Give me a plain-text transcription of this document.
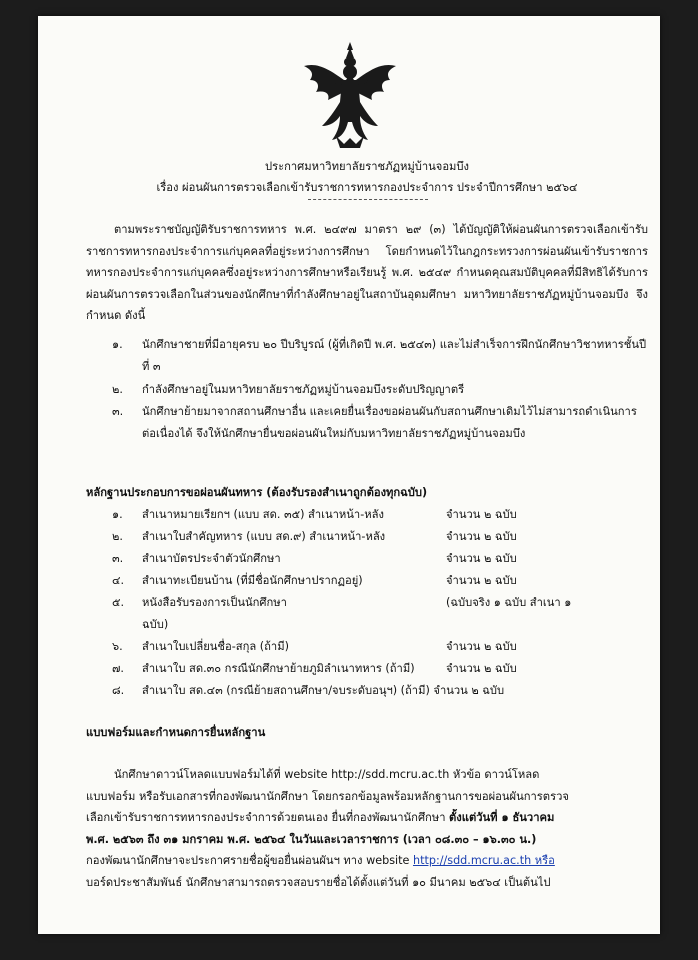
ประกาศมหาวิทยาลัยราชภัฏหมู่บ้านจอมบึง
เรื่อง ผ่อนผันการตรวจเลือกเข้ารับราชการทหารกองประจำการ ประจำปีการศึกษา ๒๕๖๔
ตามพระราชบัญญัติรับราชการทหาร พ.ศ. ๒๔๙๗ มาตรา ๒๙ (๓) ได้บัญญัติให้ผ่อนผันการตรวจเลือกเข้ารับราชการทหารกองประจำการแก่บุคคลที่อยู่ระหว่างการศึกษา โดยกำหนดไว้ในกฎกระทรวงการผ่อนผันเข้ารับราชการทหารกองประจำการแก่บุคคลซึ่งอยู่ระหว่างการศึกษาหรือเรียนรู้ พ.ศ. ๒๕๔๙ กำหนดคุณสมบัติบุคคลที่มีสิทธิได้รับการผ่อนผันการตรวจเลือกในส่วนของนักศึกษาที่กำลังศึกษาอยู่ในสถาบันอุดมศึกษา มหาวิทยาลัยราชภัฏหมู่บ้านจอมบึง จึงกำหนด ดังนี้
๑.	นักศึกษาชายที่มีอายุครบ ๒๐ ปีบริบูรณ์ (ผู้ที่เกิดปี พ.ศ. ๒๕๔๓) และไม่สำเร็จการฝึกนักศึกษาวิชาทหารชั้นปีที่ ๓
๒.	กำลังศึกษาอยู่ในมหาวิทยาลัยราชภัฏหมู่บ้านจอมบึงระดับปริญญาตรี
๓.	นักศึกษาย้ายมาจากสถานศึกษาอื่น และเคยยื่นเรื่องขอผ่อนผันกับสถานศึกษาเดิมไว้ไม่สามารถดำเนินการต่อเนื่องได้ จึงให้นักศึกษายื่นขอผ่อนผันใหม่กับมหาวิทยาลัยราชภัฏหมู่บ้านจอมบึง
หลักฐานประกอบการขอผ่อนผันทหาร (ต้องรับรองสำเนาถูกต้องทุกฉบับ)
๑.	สำเนาหมายเรียกฯ (แบบ สด. ๓๕) สำเนาหน้า-หลัง	จำนวน ๒ ฉบับ
๒.	สำเนาใบสำคัญทหาร (แบบ สด.๙) สำเนาหน้า-หลัง	จำนวน ๒ ฉบับ
๓.	สำเนาบัตรประจำตัวนักศึกษา	จำนวน ๒ ฉบับ
๔.	สำเนาทะเบียนบ้าน (ที่มีชื่อนักศึกษาปรากฏอยู่)	จำนวน ๒ ฉบับ
๕.	หนังสือรับรองการเป็นนักศึกษา	(ฉบับจริง ๑ ฉบับ สำเนา ๑
ฉบับ)
๖.	สำเนาใบเปลี่ยนชื่อ-สกุล (ถ้ามี)	จำนวน ๒ ฉบับ
๗.	สำเนาใบ สด.๓๐ กรณีนักศึกษาย้ายภูมิลำเนาทหาร (ถ้ามี)	จำนวน ๒ ฉบับ
๘.	สำเนาใบ สด.๔๓ (กรณีย้ายสถานศึกษา/จบระดับอนุฯ) (ถ้ามี) จำนวน ๒ ฉบับ
แบบฟอร์มและกำหนดการยื่นหลักฐาน
นักศึกษาดาวน์โหลดแบบฟอร์มได้ที่ website http://sdd.mcru.ac.th หัวข้อ ดาวน์โหลด
แบบฟอร์ม หรือรับเอกสารที่กองพัฒนานักศึกษา โดยกรอกข้อมูลพร้อมหลักฐานการขอผ่อนผันการตรวจ
เลือกเข้ารับราชการทหารกองประจำการด้วยตนเอง ยื่นที่กองพัฒนานักศึกษา ตั้งแต่วันที่ ๑ ธันวาคม
พ.ศ. ๒๕๖๓ ถึง ๓๑ มกราคม พ.ศ. ๒๕๖๔ ในวันและเวลาราชการ (เวลา ๐๘.๓๐ – ๑๖.๓๐ น.)
กองพัฒนานักศึกษาจะประกาศรายชื่อผู้ขอยื่นผ่อนผันฯ ทาง website http://sdd.mcru.ac.th หรือ
บอร์ดประชาสัมพันธ์ นักศึกษาสามารถตรวจสอบรายชื่อได้ตั้งแต่วันที่ ๑๐ มีนาคม ๒๕๖๔ เป็นต้นไป
